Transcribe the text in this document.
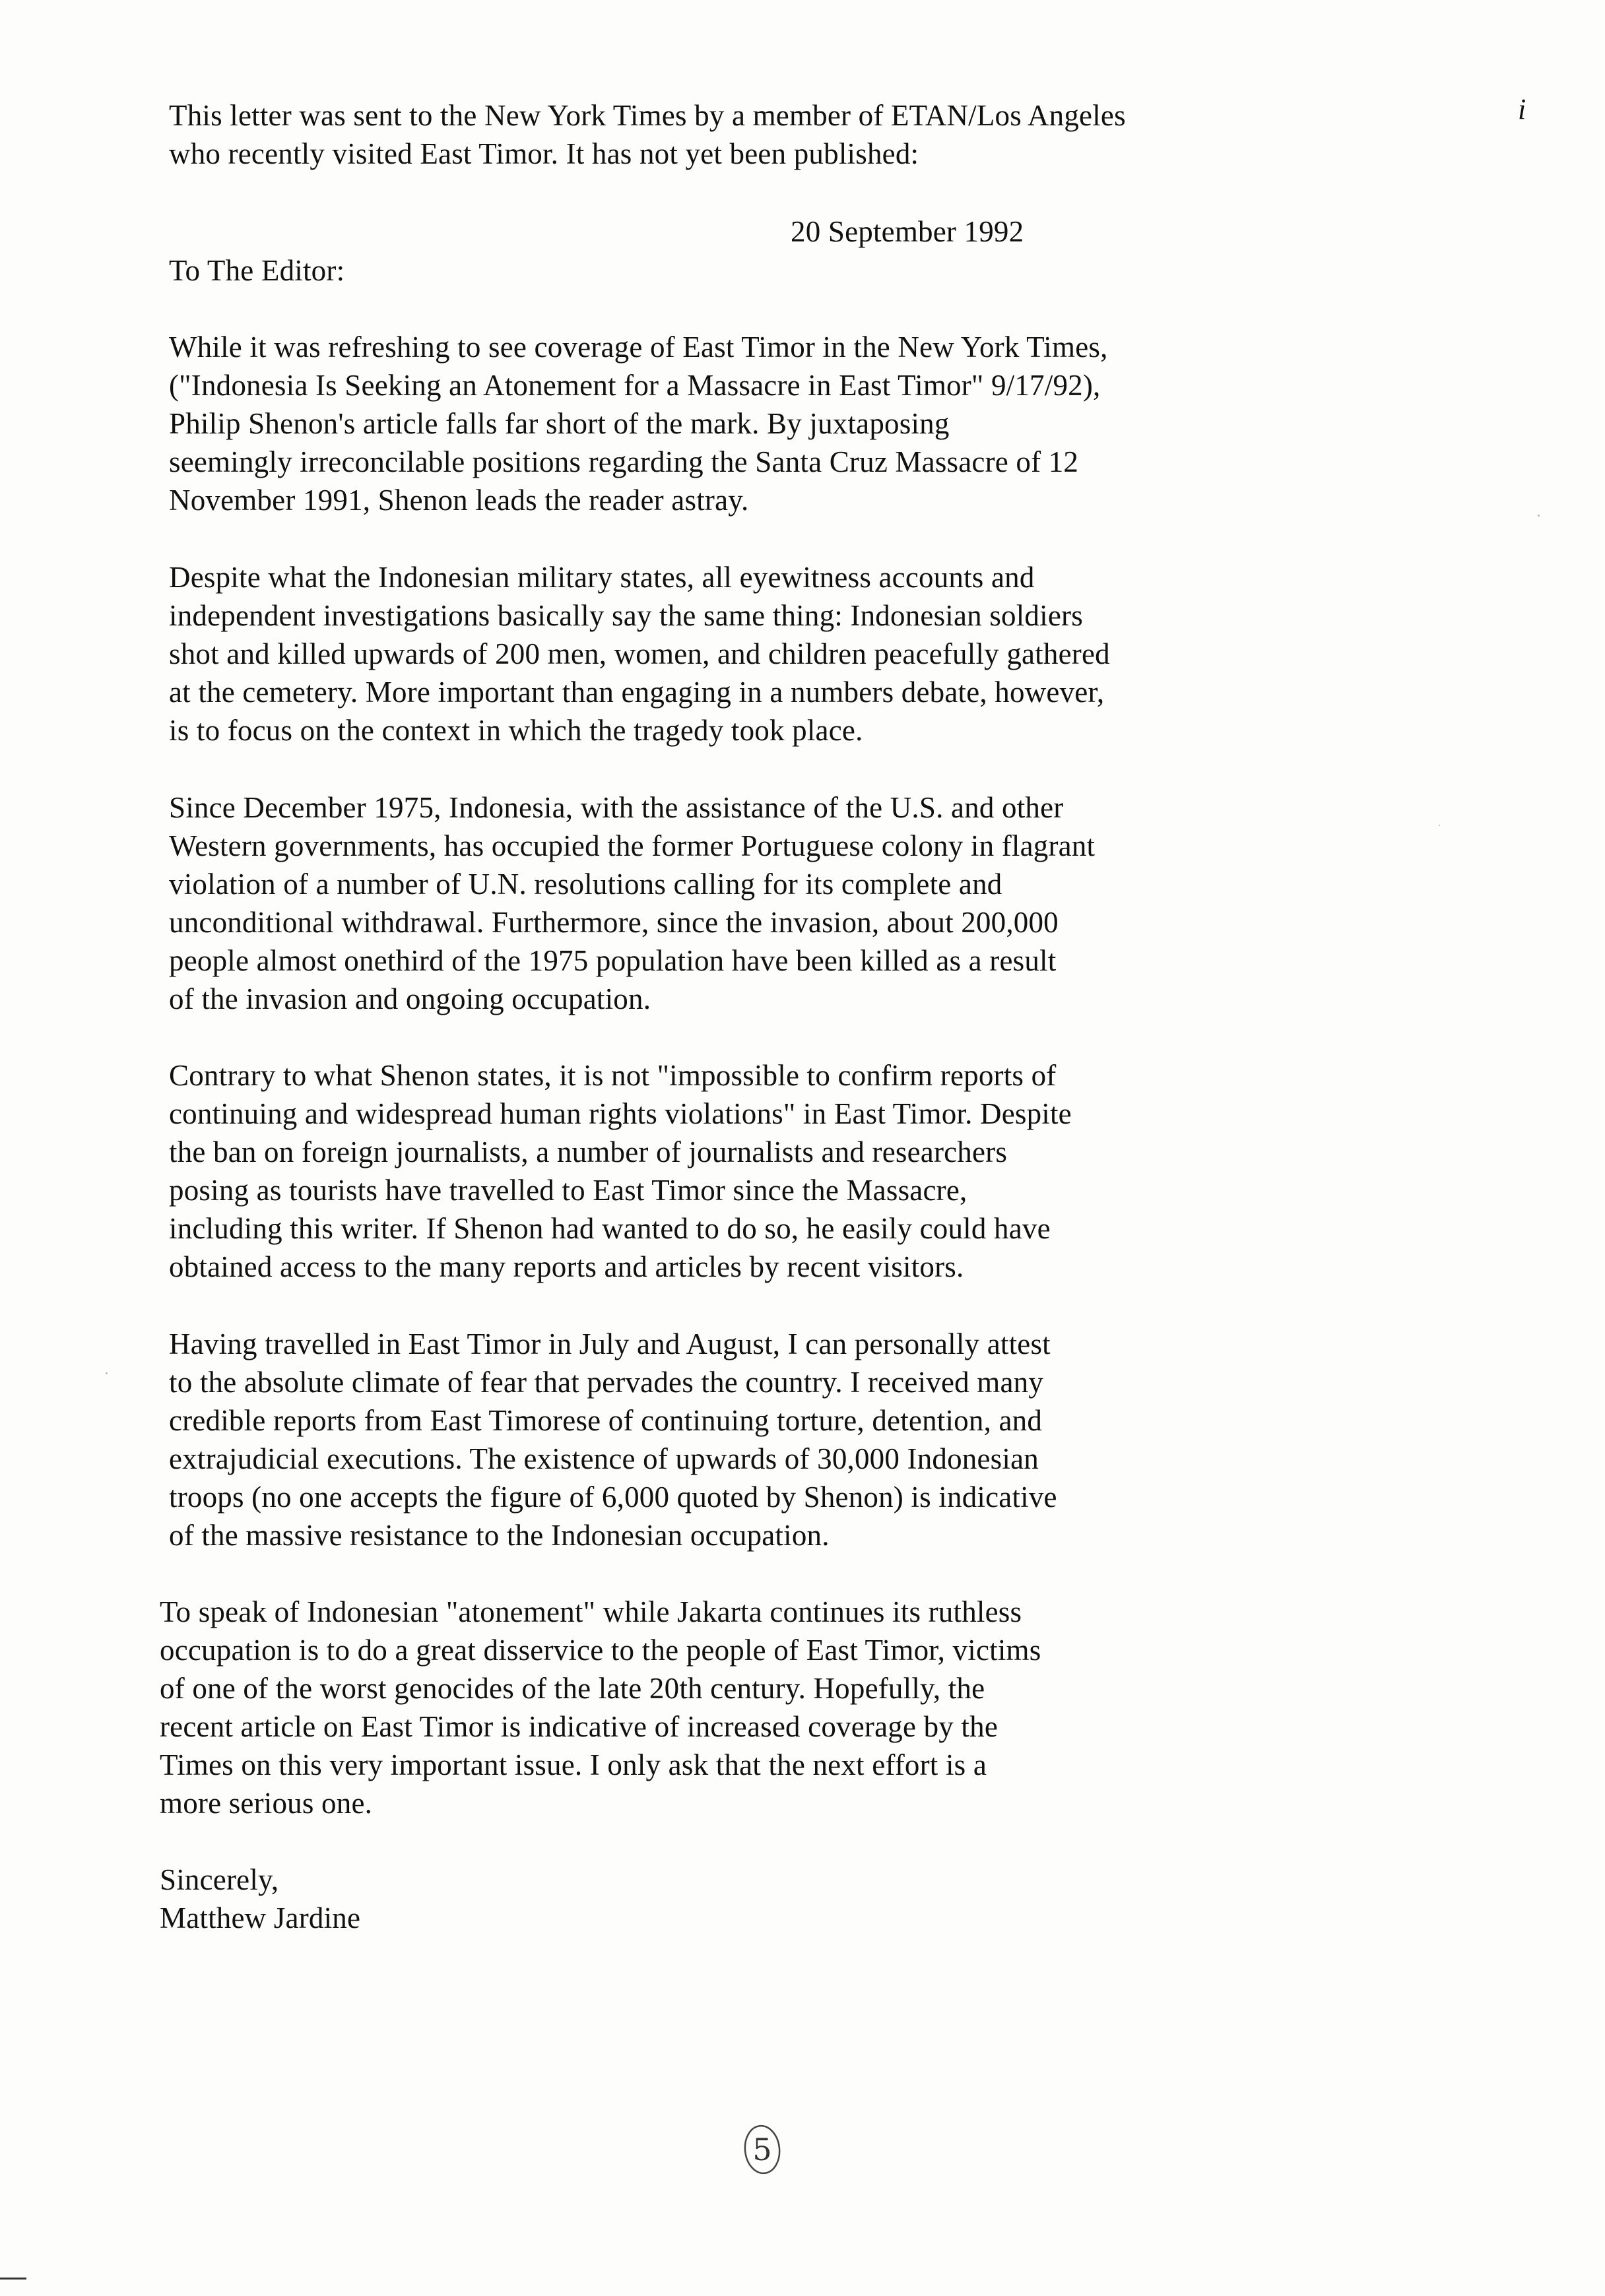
i
This letter was sent to the New York Times by a member of ETAN/Los Angeles
who recently visited East Timor. It has not yet been published:
20 September 1992
To The Editor:
While it was refreshing to see coverage of East Timor in the New York Times,
("Indonesia Is Seeking an Atonement for a Massacre in East Timor" 9/17/92),
Philip Shenon's article falls far short of the mark. By juxtaposing
seemingly irreconcilable positions regarding the Santa Cruz Massacre of 12
November 1991, Shenon leads the reader astray.
Despite what the Indonesian military states, all eyewitness accounts and
independent investigations basically say the same thing: Indonesian soldiers
shot and killed upwards of 200 men, women, and children peacefully gathered
at the cemetery. More important than engaging in a numbers debate, however,
is to focus on the context in which the tragedy took place.
Since December 1975, Indonesia, with the assistance of the U.S. and other
Western governments, has occupied the former Portuguese colony in flagrant
violation of a number of U.N. resolutions calling for its complete and
unconditional withdrawal. Furthermore, since the invasion, about 200,000
people almost onethird of the 1975 population have been killed as a result
of the invasion and ongoing occupation.
Contrary to what Shenon states, it is not "impossible to confirm reports of
continuing and widespread human rights violations" in East Timor. Despite
the ban on foreign journalists, a number of journalists and researchers
posing as tourists have travelled to East Timor since the Massacre,
including this writer. If Shenon had wanted to do so, he easily could have
obtained access to the many reports and articles by recent visitors.
Having travelled in East Timor in July and August, I can personally attest
to the absolute climate of fear that pervades the country. I received many
credible reports from East Timorese of continuing torture, detention, and
extrajudicial executions. The existence of upwards of 30,000 Indonesian
troops (no one accepts the figure of 6,000 quoted by Shenon) is indicative
of the massive resistance to the Indonesian occupation.
To speak of Indonesian "atonement" while Jakarta continues its ruthless
occupation is to do a great disservice to the people of East Timor, victims
of one of the worst genocides of the late 20th century. Hopefully, the
recent article on East Timor is indicative of increased coverage by the
Times on this very important issue. I only ask that the next effort is a
more serious one.
Sincerely,
Matthew Jardine
5
